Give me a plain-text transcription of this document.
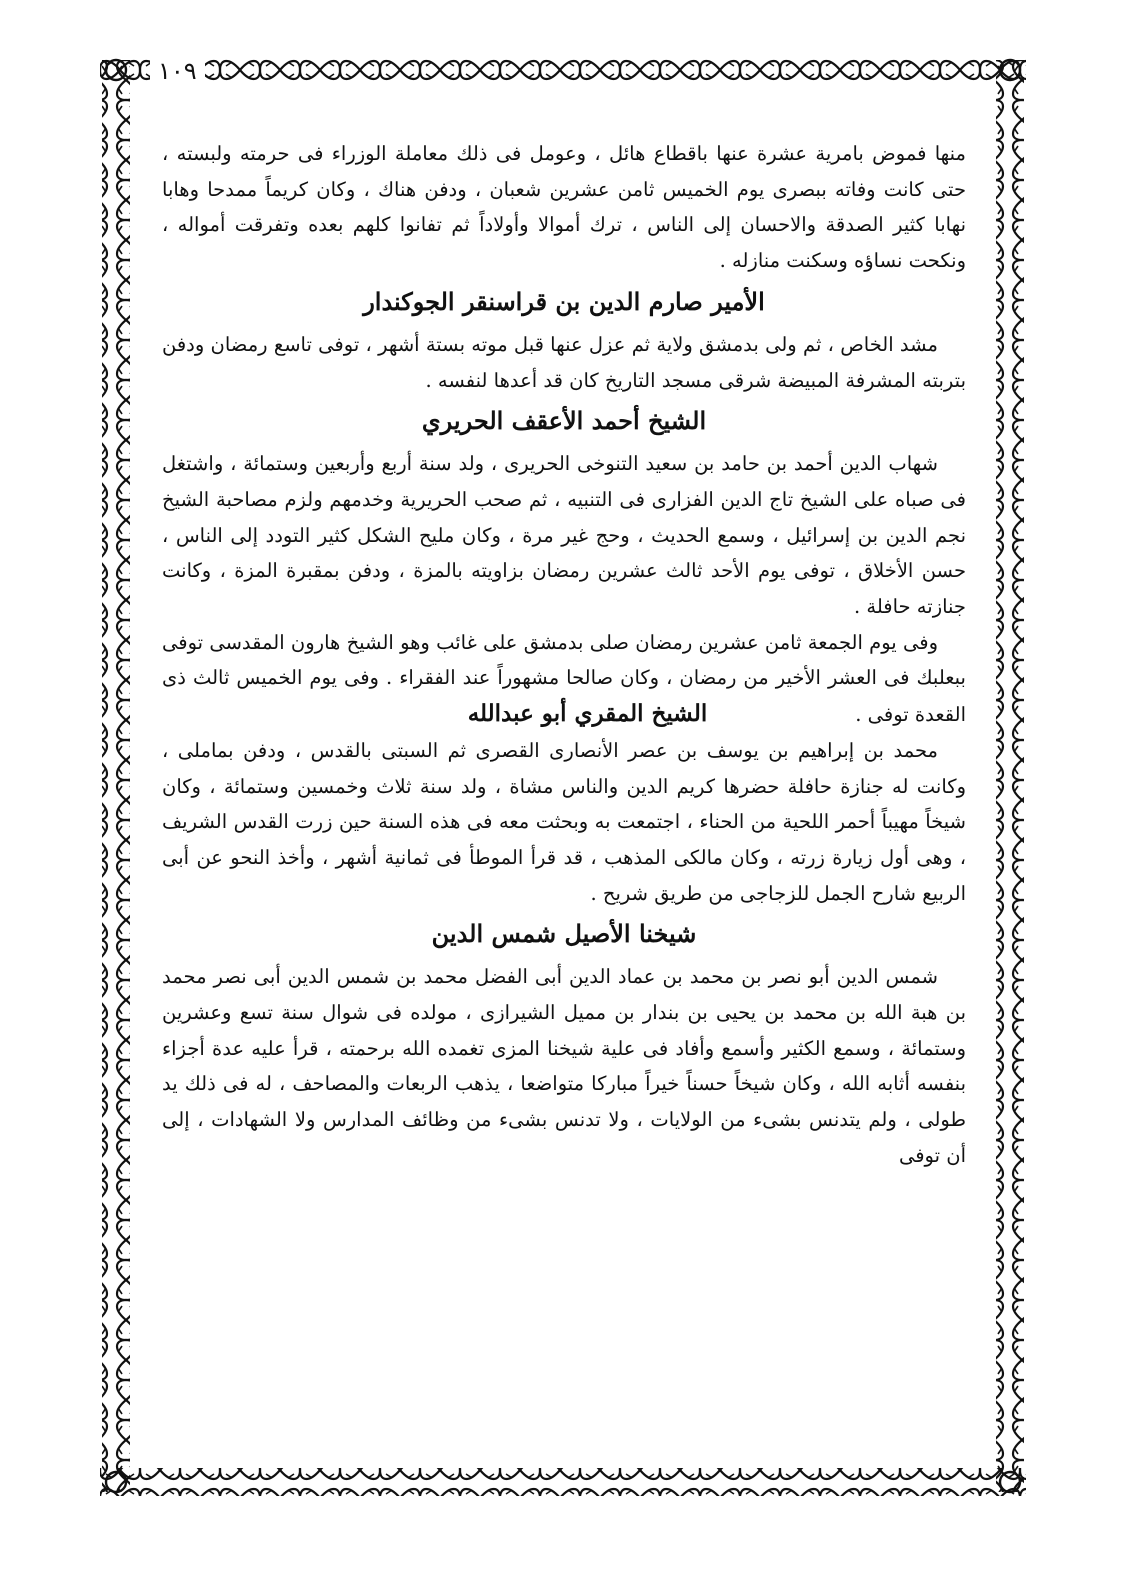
١٠٩

منها فموض بامرية عشرة عنها باقطاع هائل ، وعومل فى ذلك معاملة الوزراء فى حرمته ولبسته ، حتى كانت وفاته ببصرى يوم الخميس ثامن عشرين شعبان ، ودفن هناك ، وكان كريماً ممدحا وهابا نهابا كثير الصدقة والاحسان إلى الناس ، ترك أموالا وأولاداً ثم تفانوا كلهم بعده وتفرقت أمواله ، ونكحت نساؤه وسكنت منازله .

الأمير صارم الدين بن قراسنقر الجوكندار

مشد الخاص ، ثم ولى بدمشق ولاية ثم عزل عنها قبل موته بستة أشهر ، توفى تاسع رمضان ودفن بتربته المشرفة المبيضة شرقى مسجد التاريخ كان قد أعدها لنفسه .

الشيخ أحمد الأعقف الحريري

شهاب الدين أحمد بن حامد بن سعيد التنوخى الحريرى ، ولد سنة أربع وأربعين وستمائة ، واشتغل فى صباه على الشيخ تاج الدين الفزارى فى التنبيه ، ثم صحب الحريرية وخدمهم ولزم مصاحبة الشيخ نجم الدين بن إسرائيل ، وسمع الحديث ، وحج غير مرة ، وكان مليح الشكل كثير التودد إلى الناس ، حسن الأخلاق ، توفى يوم الأحد ثالث عشرين رمضان بزاويته بالمزة ، ودفن بمقبرة المزة ، وكانت جنازته حافلة .

وفى يوم الجمعة ثامن عشرين رمضان صلى بدمشق على غائب وهو الشيخ هارون المقدسى توفى ببعلبك فى العشر الأخير من رمضان ، وكان صالحا مشهوراً عند الفقراء . وفى يوم الخميس ثالث ذى القعدة توفى .الشيخ المقري أبو عبدالله

محمد بن إبراهيم بن يوسف بن عصر الأنصارى القصرى ثم السبتى بالقدس ، ودفن بماملى ، وكانت له جنازة حافلة حضرها كريم الدين والناس مشاة ، ولد سنة ثلاث وخمسين وستمائة ، وكان شيخاً مهيباً أحمر اللحية من الحناء ، اجتمعت به وبحثت معه فى هذه السنة حين زرت القدس الشريف ، وهى أول زيارة زرته ، وكان مالكى المذهب ، قد قرأ الموطأ فى ثمانية أشهر ، وأخذ النحو عن أبى الربيع شارح الجمل للزجاجى من طريق شريح .

شيخنا الأصيل شمس الدين

شمس الدين أبو نصر بن محمد بن عماد الدين أبى الفضل محمد بن شمس الدين أبى نصر محمد بن هبة الله بن محمد بن يحيى بن بندار بن مميل الشيرازى ، مولده فى شوال سنة تسع وعشرين وستمائة ، وسمع الكثير وأسمع وأفاد فى علية شيخنا المزى تغمده الله برحمته ، قرأ عليه عدة أجزاء بنفسه أثابه الله ، وكان شيخاً حسناً خيراً مباركا متواضعا ، يذهب الربعات والمصاحف ، له فى ذلك يد طولى ، ولم يتدنس بشىء من الولايات ، ولا تدنس بشىء من وظائف المدارس ولا الشهادات ، إلى أن توفى
